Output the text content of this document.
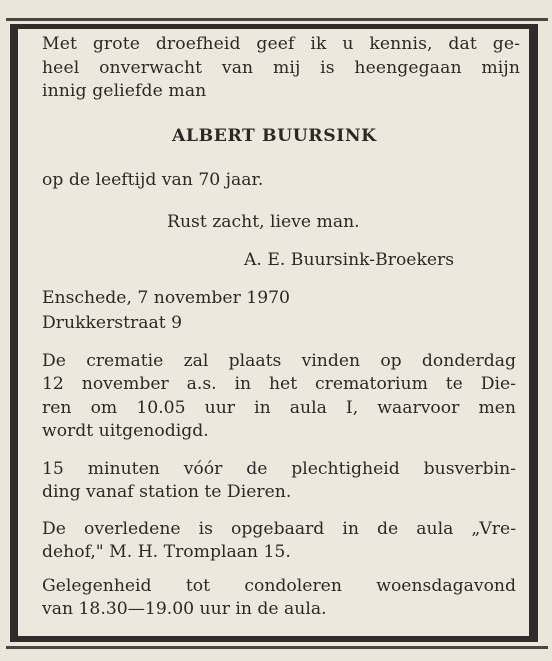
Met grote droefheid geef ik u kennis, dat ge-
heel onverwacht van mij is heengegaan mijn
innig geliefde man
ALBERT BUURSINK
op de leeftijd van 70 jaar.
Rust zacht, lieve man.
A. E. Buursink-Broekers
Enschede, 7 november 1970
Drukkerstraat 9
De crematie zal plaats vinden op donderdag
12 november a.s. in het crematorium te Die-
ren om 10.05 uur in aula I, waarvoor men
wordt uitgenodigd.
15 minuten vóór de plechtigheid busverbin-
ding vanaf station te Dieren.
De overledene is opgebaard in de aula „Vre-
dehof," M. H. Tromplaan 15.
Gelegenheid tot condoleren woensdagavond
van 18.30—19.00 uur in de aula.
